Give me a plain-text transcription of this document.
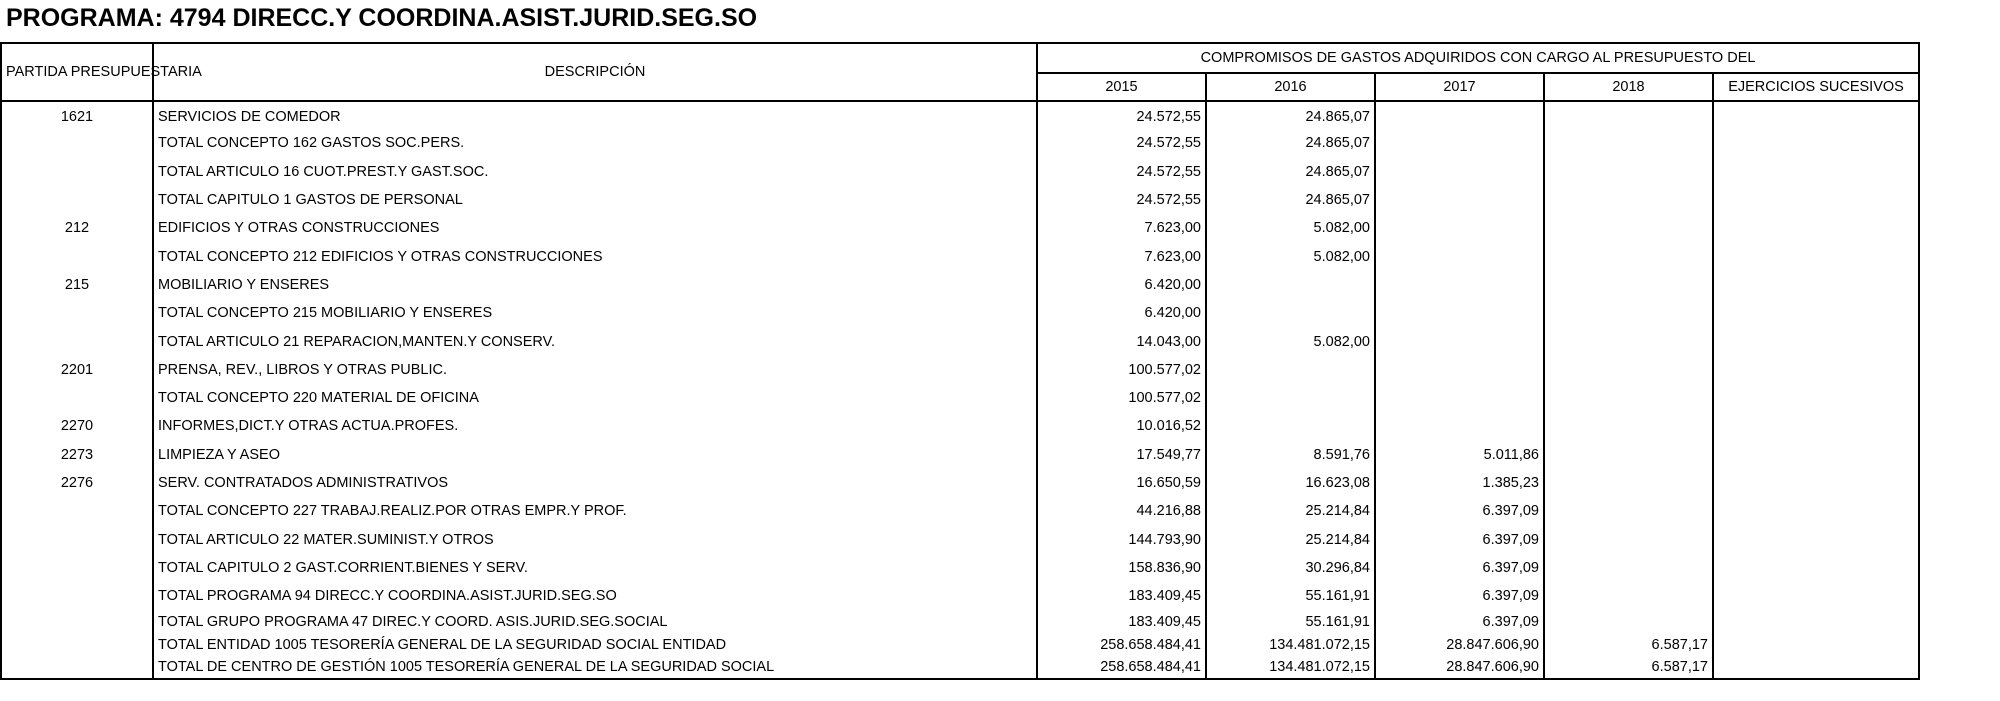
PROGRAMA: 4794 DIRECC.Y COORDINA.ASIST.JURID.SEG.SO
PARTIDA PRESUPUESTARIA	DESCRIPCIÓN	COMPROMISOS DE GASTOS ADQUIRIDOS CON CARGO AL PRESUPUESTO DEL				
		2015	2016	2017	2018	EJERCICIOS SUCESIVOS
1621	SERVICIOS DE COMEDOR	24.572,55	24.865,07			
	TOTAL CONCEPTO 162 GASTOS SOC.PERS.	24.572,55	24.865,07			
	TOTAL ARTICULO 16 CUOT.PREST.Y GAST.SOC.	24.572,55	24.865,07			
	TOTAL CAPITULO 1 GASTOS DE PERSONAL	24.572,55	24.865,07			
212	EDIFICIOS Y OTRAS CONSTRUCCIONES	7.623,00	5.082,00			
	TOTAL CONCEPTO 212 EDIFICIOS Y OTRAS CONSTRUCCIONES	7.623,00	5.082,00			
215	MOBILIARIO Y ENSERES	6.420,00				
	TOTAL CONCEPTO 215 MOBILIARIO Y ENSERES	6.420,00				
	TOTAL ARTICULO 21 REPARACION,MANTEN.Y CONSERV.	14.043,00	5.082,00			
2201	PRENSA, REV., LIBROS Y OTRAS PUBLIC.	100.577,02				
	TOTAL CONCEPTO 220 MATERIAL DE OFICINA	100.577,02				
2270	INFORMES,DICT.Y OTRAS ACTUA.PROFES.	10.016,52				
2273	LIMPIEZA Y ASEO	17.549,77	8.591,76	5.011,86		
2276	SERV. CONTRATADOS ADMINISTRATIVOS	16.650,59	16.623,08	1.385,23		
	TOTAL CONCEPTO 227 TRABAJ.REALIZ.POR OTRAS EMPR.Y PROF.	44.216,88	25.214,84	6.397,09		
	TOTAL ARTICULO 22 MATER.SUMINIST.Y OTROS	144.793,90	25.214,84	6.397,09		
	TOTAL CAPITULO 2 GAST.CORRIENT.BIENES Y SERV.	158.836,90	30.296,84	6.397,09		
	TOTAL PROGRAMA 94 DIRECC.Y COORDINA.ASIST.JURID.SEG.SO	183.409,45	55.161,91	6.397,09		
	TOTAL GRUPO PROGRAMA 47 DIREC.Y COORD. ASIS.JURID.SEG.SOCIAL	183.409,45	55.161,91	6.397,09		
	TOTAL ENTIDAD 1005 TESORERÍA GENERAL DE LA SEGURIDAD SOCIAL ENTIDAD	258.658.484,41	134.481.072,15	28.847.606,90	6.587,17	
	TOTAL DE CENTRO DE GESTIÓN 1005 TESORERÍA GENERAL DE LA SEGURIDAD SOCIAL	258.658.484,41	134.481.072,15	28.847.606,90	6.587,17	
